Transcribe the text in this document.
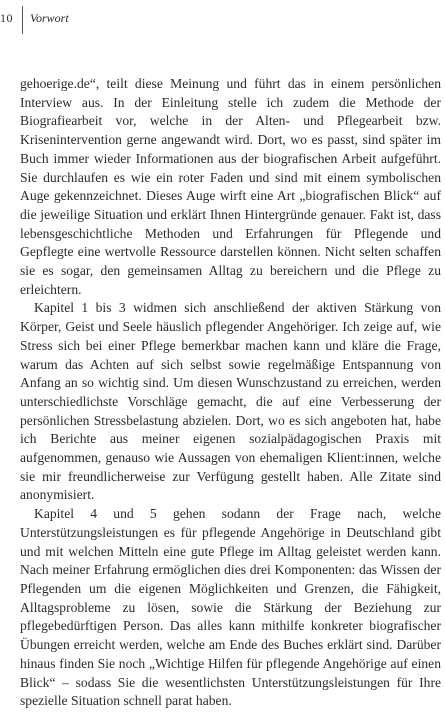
10 Vorwort

gehoerige.de“, teilt diese Meinung und führt das in einem persönlichen Interview aus. In der Einleitung stelle ich zudem die Methode der Biografiearbeit vor, welche in der Alten- und Pflegearbeit bzw. Krisenintervention gerne angewandt wird. Dort, wo es passt, sind später im Buch immer wieder Informationen aus der biografischen Arbeit aufgeführt. Sie durchlaufen es wie ein roter Faden und sind mit einem symbolischen Auge gekennzeichnet. Dieses Auge wirft eine Art „biografischen Blick“ auf die jeweilige Situation und erklärt Ihnen Hintergründe genauer. Fakt ist, dass lebensgeschichtliche Methoden und Erfahrungen für Pflegende und Gepflegte eine wertvolle Ressource darstellen können. Nicht selten schaffen sie es sogar, den gemeinsamen Alltag zu bereichern und die Pflege zu erleichtern.

Kapitel 1 bis 3 widmen sich anschließend der aktiven Stärkung von Körper, Geist und Seele häuslich pflegender Angehöriger. Ich zeige auf, wie Stress sich bei einer Pflege bemerkbar machen kann und kläre die Frage, warum das Achten auf sich selbst sowie regelmäßige Entspannung von Anfang an so wichtig sind. Um diesen Wunschzustand zu erreichen, werden unterschiedlichste Vorschläge gemacht, die auf eine Verbesserung der persönlichen Stressbelastung abzielen. Dort, wo es sich angeboten hat, habe ich Berichte aus meiner eigenen sozialpädagogischen Praxis mit aufgenommen, genauso wie Aussagen von ehemaligen Klient:innen, welche sie mir freundlicherweise zur Verfügung gestellt haben. Alle Zitate sind anonymisiert.

Kapitel 4 und 5 gehen sodann der Frage nach, welche Unterstützungsleistungen es für pflegende Angehörige in Deutschland gibt und mit welchen Mitteln eine gute Pflege im Alltag geleistet werden kann. Nach meiner Erfahrung ermöglichen dies drei Komponenten: das Wissen der Pflegenden um die eigenen Möglichkeiten und Grenzen, die Fähigkeit, Alltagsprobleme zu lösen, sowie die Stärkung der Beziehung zur pflegebedürftigen Person. Das alles kann mithilfe konkreter biografischer Übungen erreicht werden, welche am Ende des Buches erklärt sind. Darüber hinaus finden Sie noch „Wichtige Hilfen für pflegende Angehörige auf einen Blick“ – sodass Sie die wesentlichsten Unterstützungsleistungen für Ihre spezielle Situation schnell parat haben.
